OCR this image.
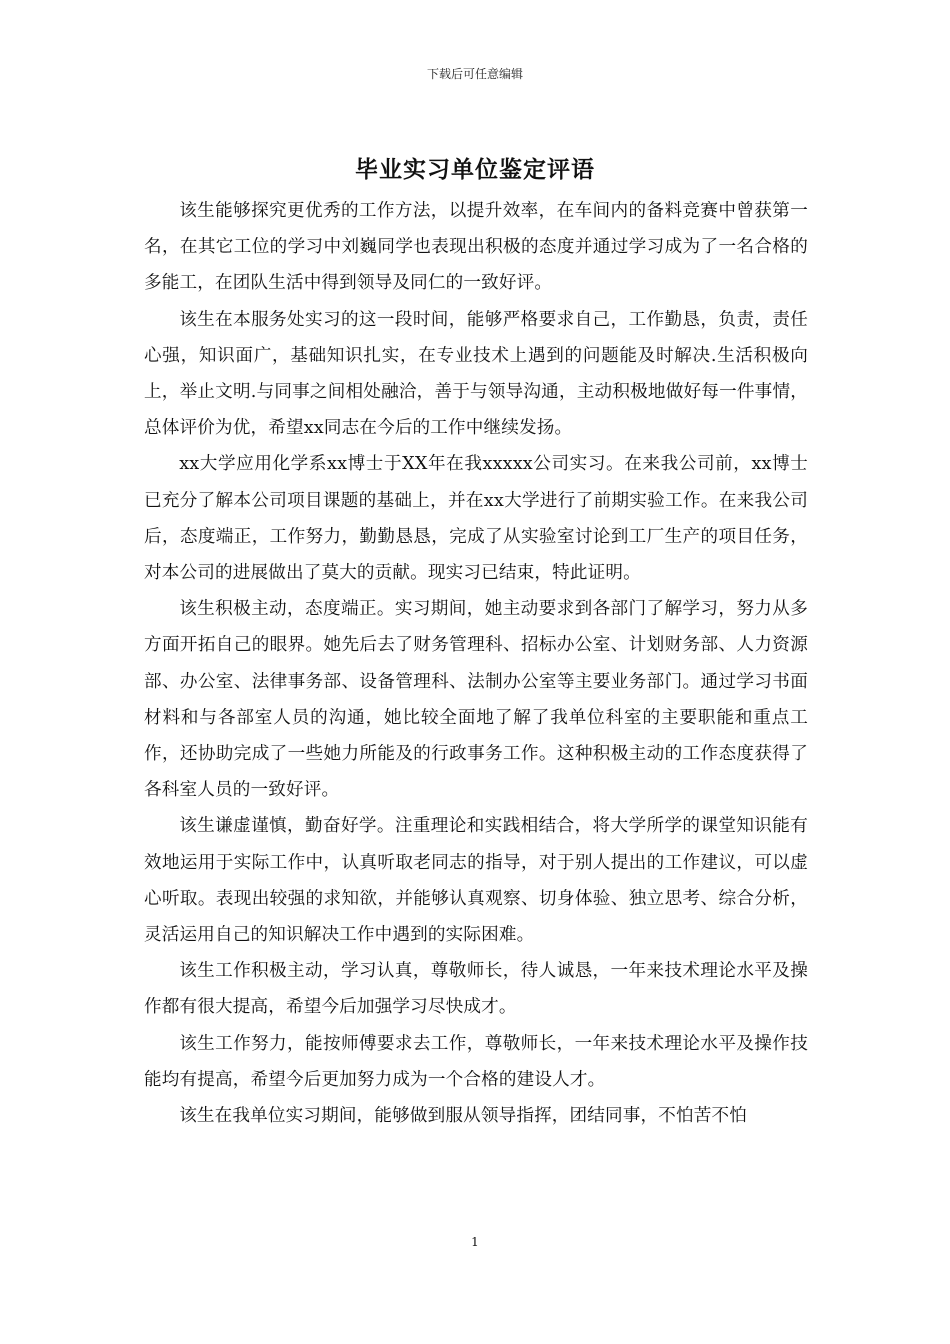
下载后可任意编辑
毕业实习单位鉴定评语

该生能够探究更优秀的工作方法，以提升效率，在车间内的备料竞赛中曾获第一名，在其它工位的学习中刘巍同学也表现出积极的态度并通过学习成为了一名合格的多能工，在团队生活中得到领导及同仁的一致好评。

该生在本服务处实习的这一段时间，能够严格要求自己，工作勤恳，负责，责任心强，知识面广，基础知识扎实，在专业技术上遇到的问题能及时解决.生活积极向上，举止文明.与同事之间相处融洽，善于与领导沟通，主动积极地做好每一件事情，总体评价为优，希望xx同志在今后的工作中继续发扬。

xx大学应用化学系xx博士于XX年在我xxxxx公司实习。在来我公司前，xx博士已充分了解本公司项目课题的基础上，并在xx大学进行了前期实验工作。在来我公司后，态度端正，工作努力，勤勤恳恳，完成了从实验室讨论到工厂生产的项目任务，对本公司的进展做出了莫大的贡献。现实习已结束，特此证明。

该生积极主动，态度端正。实习期间，她主动要求到各部门了解学习，努力从多方面开拓自己的眼界。她先后去了财务管理科、招标办公室、计划财务部、人力资源部、办公室、法律事务部、设备管理科、法制办公室等主要业务部门。通过学习书面材料和与各部室人员的沟通，她比较全面地了解了我单位科室的主要职能和重点工作，还协助完成了一些她力所能及的行政事务工作。这种积极主动的工作态度获得了各科室人员的一致好评。

该生谦虚谨慎，勤奋好学。注重理论和实践相结合，将大学所学的课堂知识能有效地运用于实际工作中，认真听取老同志的指导，对于别人提出的工作建议，可以虚心听取。表现出较强的求知欲，并能够认真观察、切身体验、独立思考、综合分析，灵活运用自己的知识解决工作中遇到的实际困难。

该生工作积极主动，学习认真，尊敬师长，待人诚恳，一年来技术理论水平及操作都有很大提高，希望今后加强学习尽快成才。

该生工作努力，能按师傅要求去工作，尊敬师长，一年来技术理论水平及操作技能均有提高，希望今后更加努力成为一个合格的建设人才。

该生在我单位实习期间，能够做到服从领导指挥，团结同事，不怕苦不怕

1
